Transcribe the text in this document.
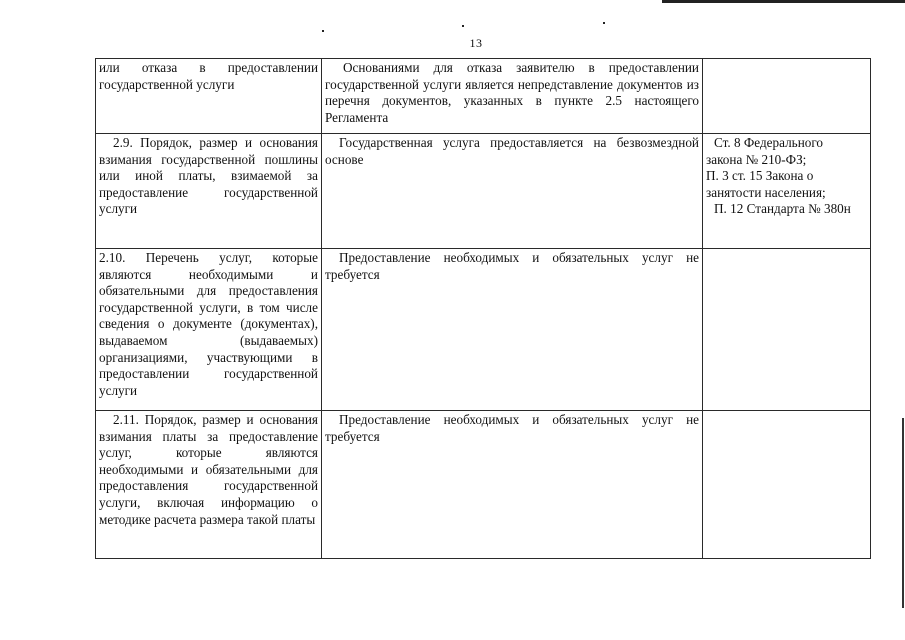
13
или отказа в предоставлении государственной услуги	Основаниями для отказа заявителю в предоставлении государственной услуги является непредставление документов из перечня документов, указанных в пункте 2.5 настоящего Регламента	
2.9. Порядок, размер и основания взимания государственной пошлины или иной платы, взимаемой за предоставление государственной услуги	Государственная услуга предоставляется на безвозмездной основе	Ст. 8 Федерального
закона № 210-ФЗ;
П. 3 ст. 15 Закона о
занятости населения;
П. 12 Стандарта № 380н

2.10. Перечень услуг, которые являются необходимыми и обязательными для предоставления государственной услуги, в том числе сведения о документе (документах), выдаваемом (выдаваемых) организациями, участвующими в предоставлении государственной услуги	Предоставление необходимых и обязательных услуг не требуется	
2.11. Порядок, размер и основания взимания платы за предоставление услуг, которые являются необходимыми и обязательными для предоставления государственной услуги, включая информацию о методике расчета размера такой платы	Предоставление необходимых и обязательных услуг не требуется	
